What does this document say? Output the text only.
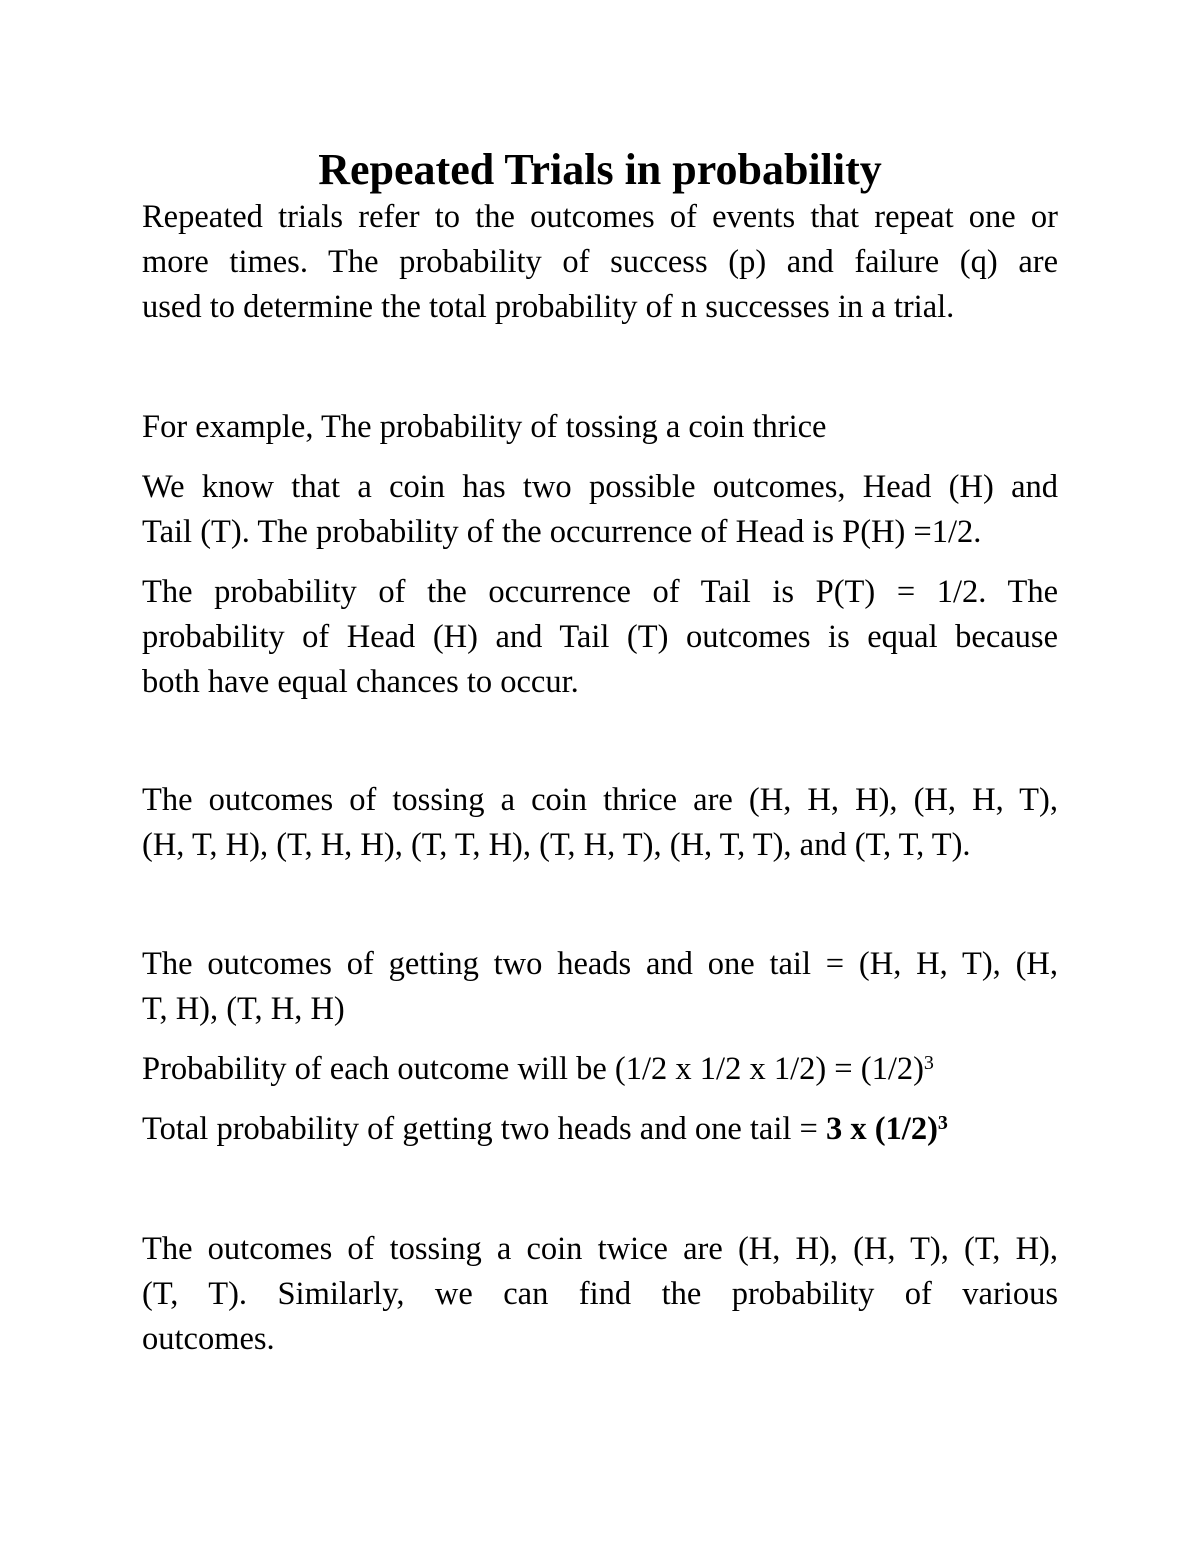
Repeated Trials in probability
Repeated trials refer to the outcomes of events that repeat one or
more times. The probability of success (p) and failure (q) are
used to determine the total probability of n successes in a trial.
For example, The probability of tossing a coin thrice
We know that a coin has two possible outcomes, Head (H) and
Tail (T). The probability of the occurrence of Head is P(H) =1/2.
The probability of the occurrence of Tail is P(T) = 1/2. The
probability of Head (H) and Tail (T) outcomes is equal because
both have equal chances to occur.
The outcomes of tossing a coin thrice are (H, H, H), (H, H, T),
(H, T, H), (T, H, H), (T, T, H), (T, H, T), (H, T, T), and (T, T, T).
The outcomes of getting two heads and one tail = (H, H, T), (H,
T, H), (T, H, H)
Probability of each outcome will be (1/2 x 1/2 x $1/2) = (1/2)^3$
Total probability of getting two heads and one tail = 3 x $(1/2)^3$
The outcomes of tossing a coin twice are (H, H), (H, T), (T, H),
(T, T). Similarly, we can find the probability of various
outcomes.
